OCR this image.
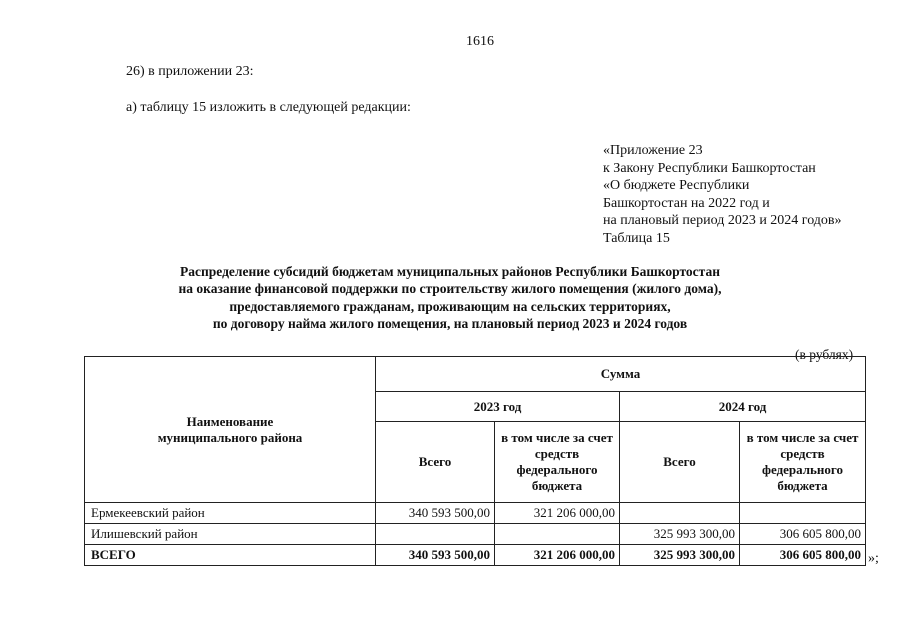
1616
26) в приложении 23:
а) таблицу 15 изложить в следующей редакции:
«Приложение 23
к Закону Республики Башкортостан
«О бюджете Республики
Башкортостан на 2022 год и
на плановый период 2023 и 2024 годов»
Таблица 15
Распределение субсидий бюджетам муниципальных районов Республики Башкортостан
на оказание финансовой поддержки по строительству жилого помещения (жилого дома),
предоставляемого гражданам, проживающим на сельских территориях,
по договору найма жилого помещения, на плановый период 2023 и 2024 годов
(в рублях)
Наименование муниципального района	Сумма			
	2023 год		2024 год	
	Всего	в том числе за счет средств федерального бюджета	Всего	в том числе за счет средств федерального бюджета
Ермекеевский район	340 593 500,00	321 206 000,00		
Илишевский район			325 993 300,00	306 605 800,00
ВСЕГО	340 593 500,00	321 206 000,00	325 993 300,00	306 605 800,00 »;
